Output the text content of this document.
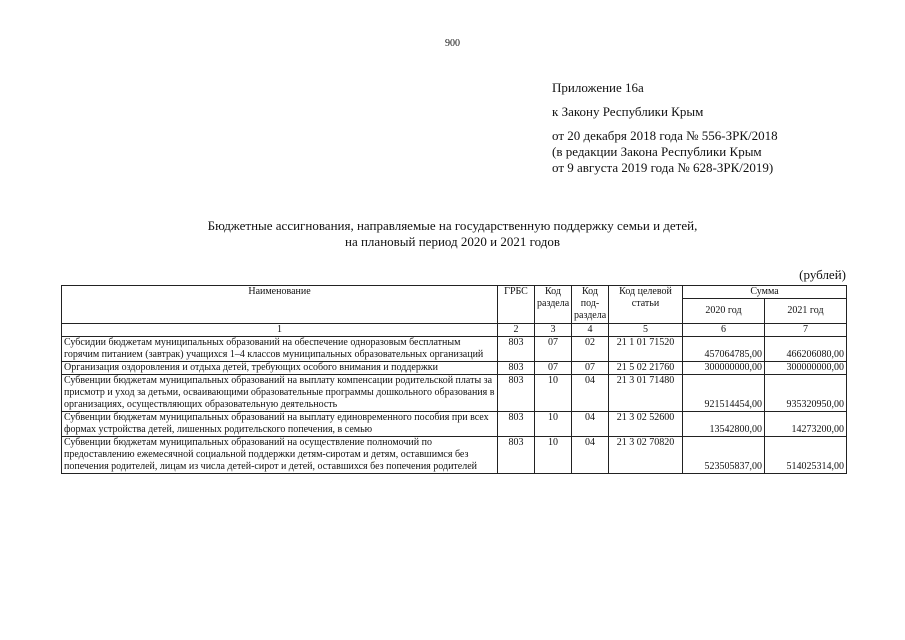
900
Приложение 16а
к Закону Республики Крым
от 20 декабря 2018 года № 556-ЗРК/2018
(в редакции Закона Республики Крым
от 9 августа 2019 года № 628-ЗРК/2019)
Бюджетные ассигнования, направляемые на государственную поддержку семьи и детей,
на плановый период 2020 и 2021 годов
(рублей)
Наименование	ГРБС	Код раздела	Код под-раздела	Код целевой статьи	Сумма	
					2020 год	2021 год
1	2	3	4	5	6	7
Субсидии бюджетам муниципальных образований на обеспечение одноразовым бесплатным горячим питанием (завтрак) учащихся 1–4 классов муниципальных образовательных организаций	803	07	02	21 1 01 71520	457064785,00	466206080,00
Организация оздоровления и отдыха детей, требующих особого внимания и поддержки	803	07	07	21 5 02 21760	300000000,00	300000000,00
Субвенции бюджетам муниципальных образований на выплату компенсации родительской платы за присмотр и уход за детьми, осваивающими образовательные программы дошкольного образования в организациях, осуществляющих образовательную деятельность	803	10	04	21 3 01 71480	921514454,00	935320950,00
Субвенции бюджетам муниципальных образований на выплату единовременного пособия при всех формах устройства детей, лишенных родительского попечения, в семью	803	10	04	21 3 02 52600	13542800,00	14273200,00
Субвенции бюджетам муниципальных образований на осуществление полномочий по предоставлению ежемесячной социальной поддержки детям-сиротам и детям, оставшимся без попечения родителей, лицам из числа детей-сирот и детей, оставшихся без попечения родителей	803	10	04	21 3 02 70820	523505837,00	514025314,00
